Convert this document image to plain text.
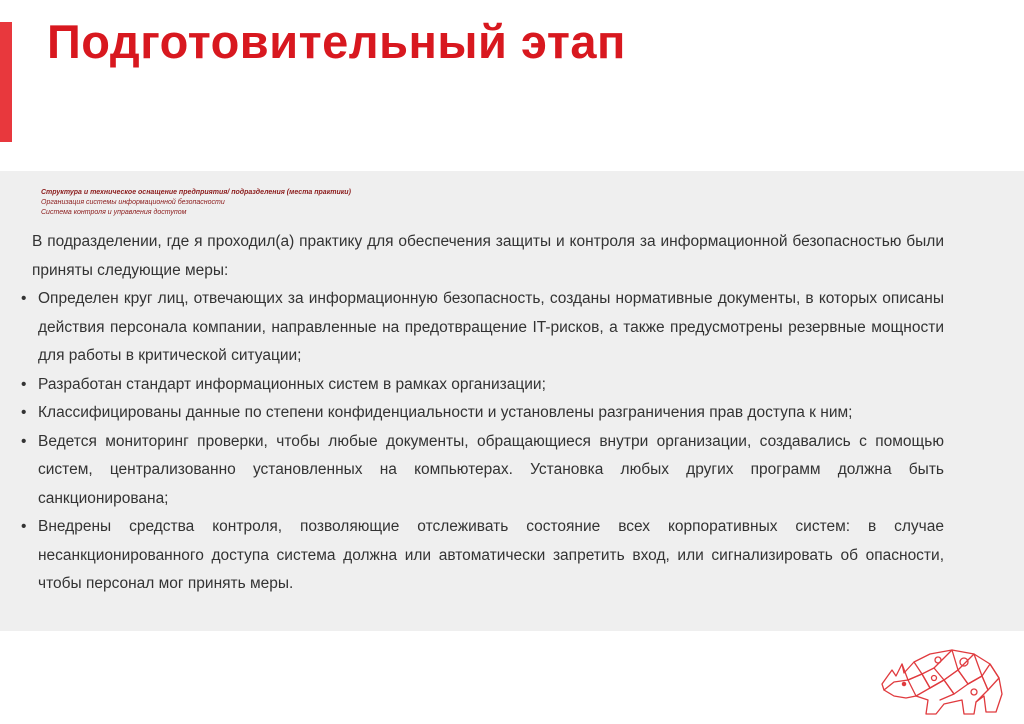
Подготовительный этап
Структура и техническое оснащение предприятия/ подразделения (места практики)
Организация системы информационной безопасности
Система контроля и управления доступом

В подразделении, где я проходил(а) практику для обеспечения защиты и контроля за информационной безопасностью были приняты следующие меры:

• Определен круг лиц, отвечающих за информационную безопасность, созданы нормативные документы, в которых описаны действия персонала компании, направленные на предотвращение IT-рисков, а также предусмотрены резервные мощности для работы в критической ситуации;
• Разработан стандарт информационных систем в рамках организации;
• Классифицированы данные по степени конфиденциальности и установлены разграничения прав доступа к ним;
• Ведется мониторинг проверки, чтобы любые документы, обращающиеся внутри организации, создавались с помощью систем, централизованно установленных на компьютерах. Установка любых других программ должна быть санкционирована;
• Внедрены средства контроля, позволяющие отслеживать состояние всех корпоративных систем: в случае несанкционированного доступа система должна или автоматически запретить вход, или сигнализировать об опасности, чтобы персонал мог принять меры.
